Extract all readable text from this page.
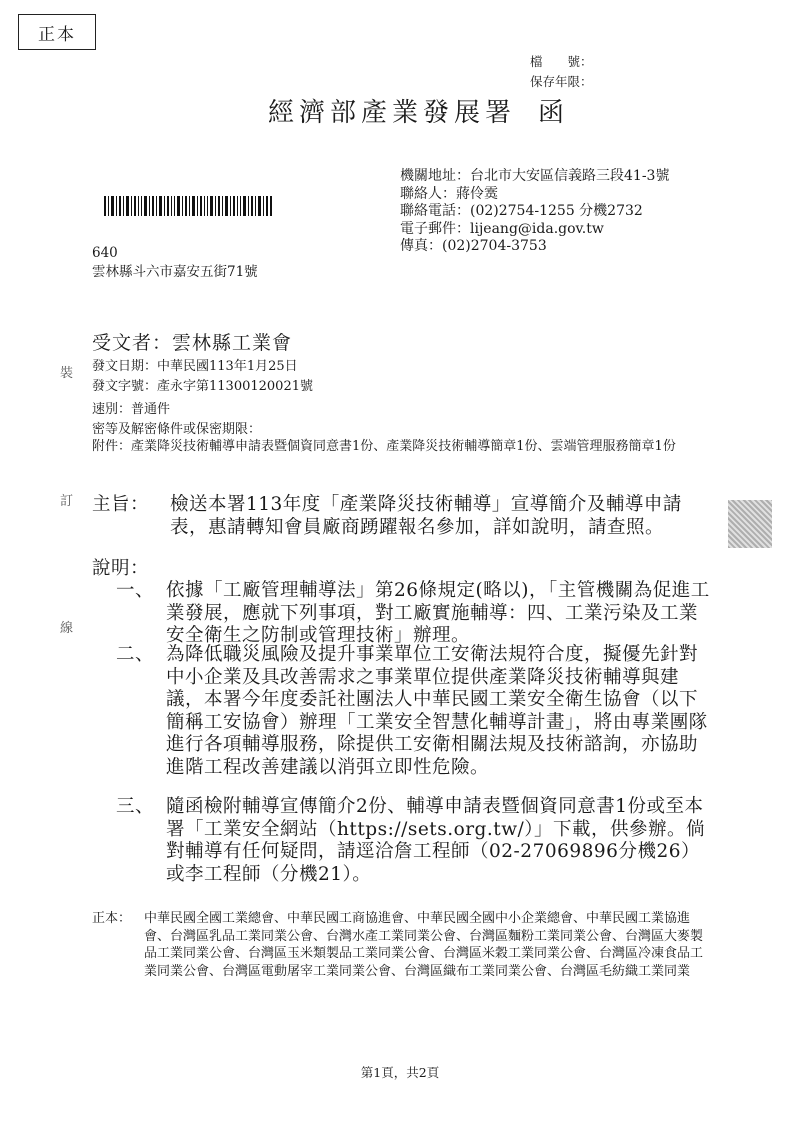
正本
檔　　號：
保存年限：
經濟部產業發展署 函
機關地址：台北市大安區信義路三段41-3號
聯絡人：蔣伶霙
聯絡電話：(02)2754-1255 分機2732
電子郵件：lijeang@ida.gov.tw
傳真：(02)2704-3753
640
雲林縣斗六市嘉安五街71號
受文者：雲林縣工業會
發文日期：中華民國113年1月25日
發文字號：產永字第11300120021號
速別：普通件
密等及解密條件或保密期限：
附件：產業降災技術輔導申請表暨個資同意書1份、產業降災技術輔導簡章1份、雲端管理服務簡章1份
裝
訂
線
主旨： 檢送本署113年度「產業降災技術輔導」宣導簡介及輔導申請表，惠請轉知會員廠商踴躍報名參加，詳如說明，請查照。
說明：
一、 依據「工廠管理輔導法」第26條規定(略以)，「主管機關為促進工業發展，應就下列事項，對工廠實施輔導：四、工業污染及工業安全衛生之防制或管理技術」辦理。
二、 為降低職災風險及提升事業單位工安衛法規符合度，擬優先針對中小企業及具改善需求之事業單位提供產業降災技術輔導與建議，本署今年度委託社團法人中華民國工業安全衛生協會（以下簡稱工安協會）辦理「工業安全智慧化輔導計畫」，將由專業團隊進行各項輔導服務，除提供工安衛相關法規及技術諮詢，亦協助進階工程改善建議以消弭立即性危險。
三、 隨函檢附輔導宣傳簡介2份、輔導申請表暨個資同意書1份或至本署「工業安全網站（https://sets.org.tw/）」下載，供參辦。倘對輔導有任何疑問，請逕洽詹工程師（02-27069896分機26）或李工程師（分機21）。
正本： 中華民國全國工業總會、中華民國工商協進會、中華民國全國中小企業總會、中華民國工業協進會、台灣區乳品工業同業公會、台灣水產工業同業公會、台灣區麵粉工業同業公會、台灣區大麥製品工業同業公會、台灣區玉米類製品工業同業公會、台灣區米穀工業同業公會、台灣區冷凍食品工業同業公會、台灣區電動屠宰工業同業公會、台灣區織布工業同業公會、台灣區毛紡織工業同業
第1頁，共2頁
